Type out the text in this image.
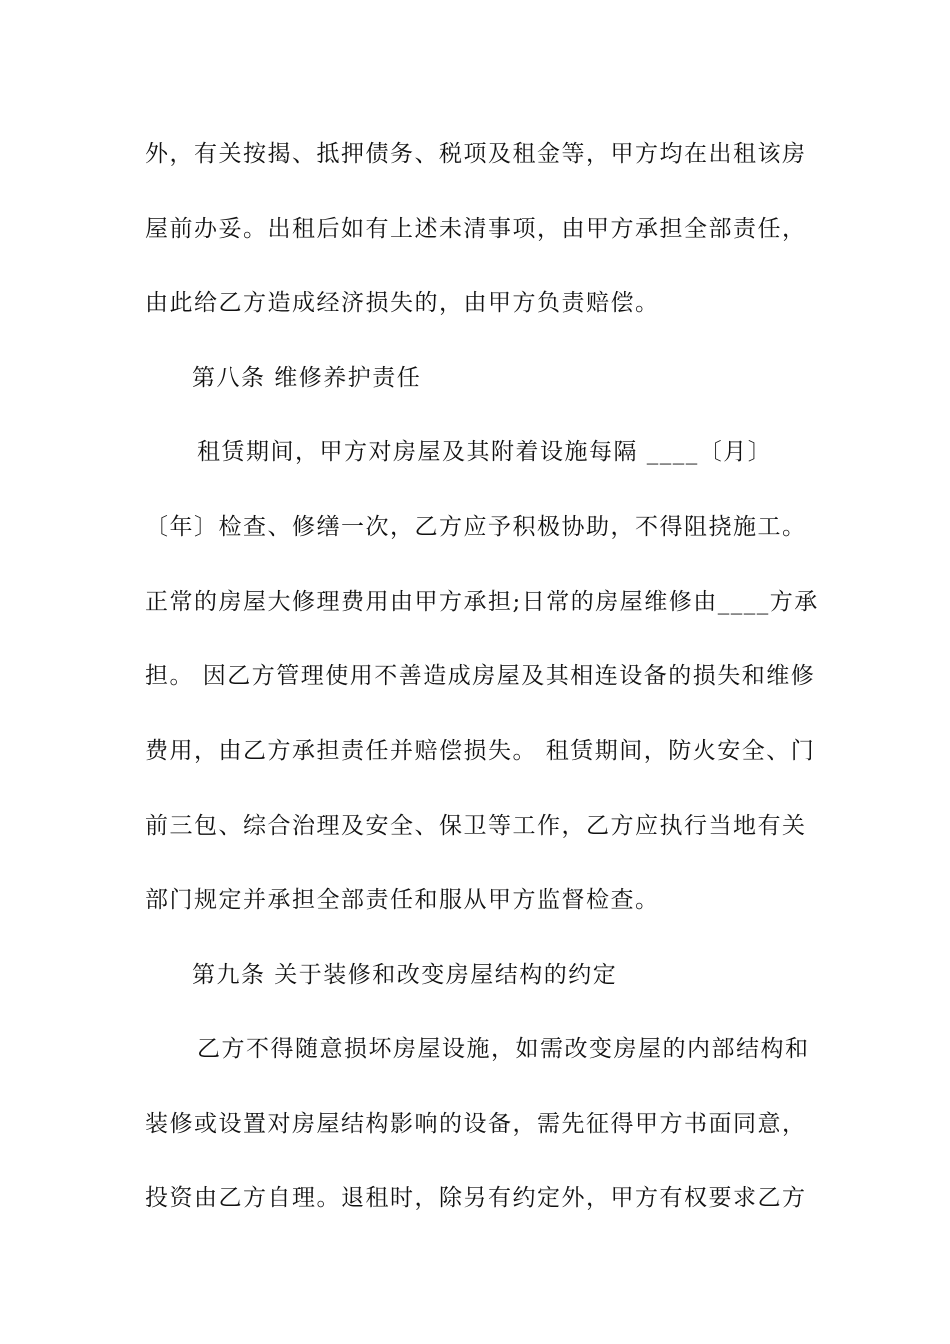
外，有关按揭、抵押债务、税项及租金等，甲方均在出租该房
屋前办妥。出租后如有上述未清事项，由甲方承担全部责任，
由此给乙方造成经济损失的，由甲方负责赔偿。
第八条 维修养护责任
租赁期间，甲方对房屋及其附着设施每隔 ____〔月〕
〔年〕检查、修缮一次，乙方应予积极协助，不得阻挠施工。
正常的房屋大修理费用由甲方承担;日常的房屋维修由____方承
担。 因乙方管理使用不善造成房屋及其相连设备的损失和维修
费用，由乙方承担责任并赔偿损失。 租赁期间，防火安全、门
前三包、综合治理及安全、保卫等工作，乙方应执行当地有关
部门规定并承担全部责任和服从甲方监督检查。
第九条 关于装修和改变房屋结构的约定
乙方不得随意损坏房屋设施，如需改变房屋的内部结构和
装修或设置对房屋结构影响的设备，需先征得甲方书面同意，
投资由乙方自理。退租时，除另有约定外，甲方有权要求乙方
